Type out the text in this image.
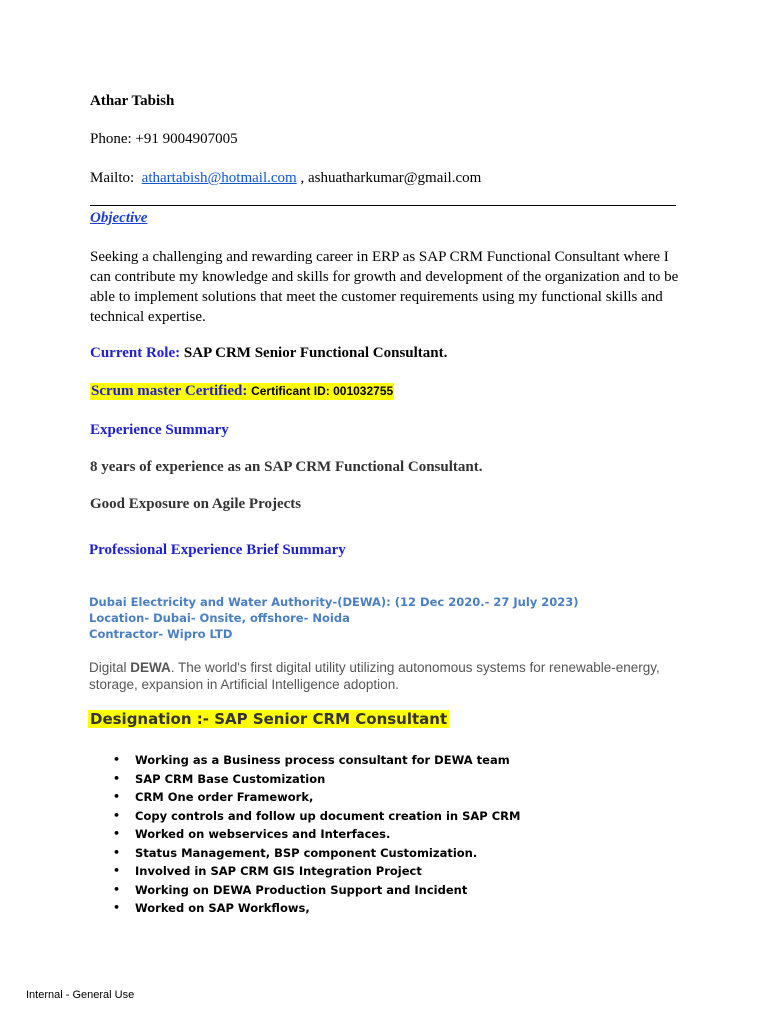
Athar Tabish
Phone: +91 9004907005
Mailto: athartabish@hotmail.com , ashuatharkumar@gmail.com
Objective
Seeking a challenging and rewarding career in ERP as SAP CRM Functional Consultant where I can contribute my knowledge and skills for growth and development of the organization and to be able to implement solutions that meet the customer requirements using my functional skills and technical expertise.
Current Role: SAP CRM Senior Functional Consultant.
Scrum master Certified: Certificant ID: 001032755
Experience Summary
8 years of experience as an SAP CRM Functional Consultant.
Good Exposure on Agile Projects
Professional Experience Brief Summary
Dubai Electricity and Water Authority-(DEWA): (12 Dec 2020.- 27 July 2023)
Location- Dubai- Onsite, offshore- Noida
Contractor- Wipro LTD
Digital DEWA. The world's first digital utility utilizing autonomous systems for renewable-energy, storage, expansion in Artificial Intelligence adoption.
Designation :- SAP Senior CRM Consultant
• Working as a Business process consultant for DEWA team
• SAP CRM Base Customization
• CRM One order Framework,
• Copy controls and follow up document creation in SAP CRM
• Worked on webservices and Interfaces.
• Status Management, BSP component Customization.
• Involved in SAP CRM GIS Integration Project
• Working on DEWA Production Support and Incident
• Worked on SAP Workflows,
Internal - General Use
